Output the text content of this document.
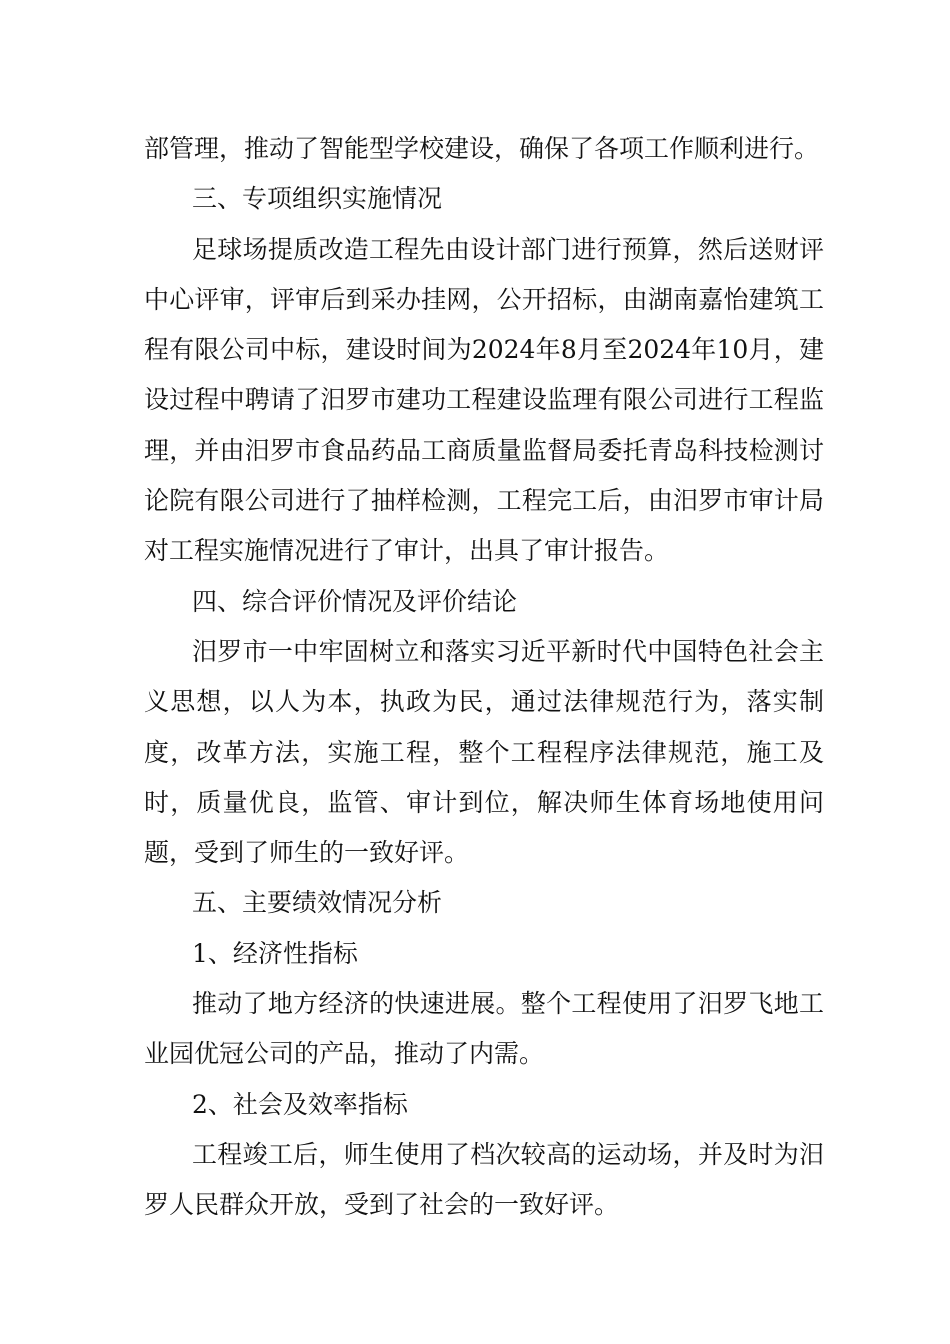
部管理，推动了智能型学校建设，确保了各项工作顺利进行。

三、专项组织实施情况

足球场提质改造工程先由设计部门进行预算，然后送财评中心评审，评审后到采办挂网，公开招标，由湖南嘉怡建筑工程有限公司中标，建设时间为2024年8月至2024年10月，建设过程中聘请了汨罗市建功工程建设监理有限公司进行工程监理，并由汨罗市食品药品工商质量监督局委托青岛科技检测讨论院有限公司进行了抽样检测，工程完工后，由汨罗市审计局对工程实施情况进行了审计，出具了审计报告。

四、综合评价情况及评价结论

汨罗市一中牢固树立和落实习近平新时代中国特色社会主义思想，以人为本，执政为民，通过法律规范行为，落实制度，改革方法，实施工程，整个工程程序法律规范，施工及时，质量优良，监管、审计到位，解决师生体育场地使用问题，受到了师生的一致好评。

五、主要绩效情况分析

1、经济性指标

推动了地方经济的快速进展。整个工程使用了汨罗飞地工业园优冠公司的产品，推动了内需。

2、社会及效率指标

工程竣工后，师生使用了档次较高的运动场，并及时为汨罗人民群众开放，受到了社会的一致好评。
